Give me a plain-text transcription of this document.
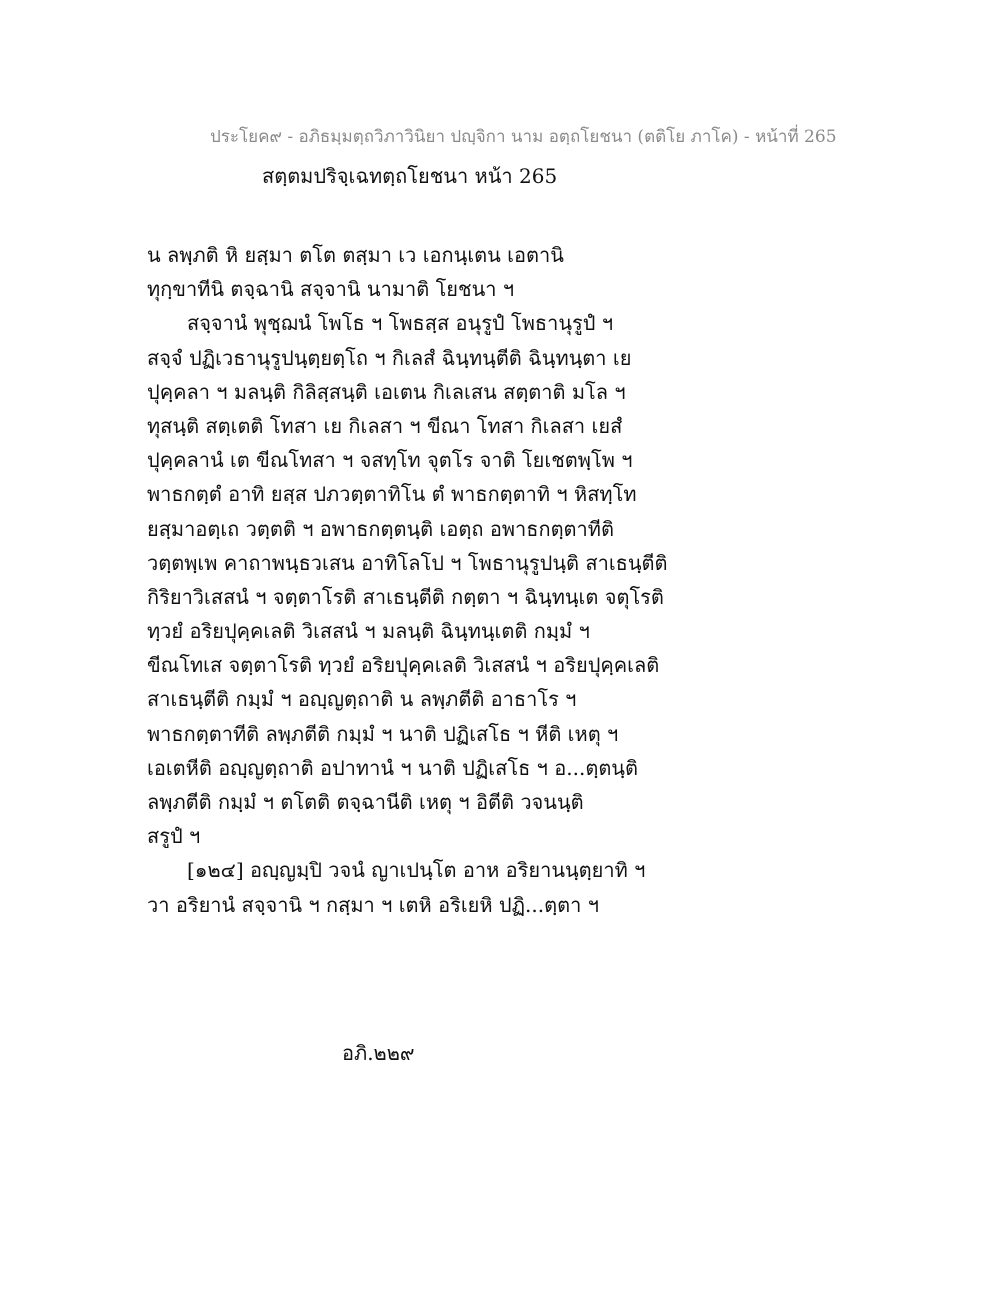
ประโยค๙ - อภิธมฺมตฺถวิภาวินิยา ปญฺจิกา นาม อตฺถโยชนา (ตติโย ภาโค) - หน้าที่ 265
สตฺตมปริจฺเฉทตฺถโยชนา หน้า 265
น ลพฺภติ หิ ยสฺมา ตโต ตสฺมา เว เอกนฺเตน เอตานิ
ทุกฺขาทีนิ ตจฺฉานิ สจฺจานิ นามาติ โยชนา ฯ
สจฺจานํ พุชฺฌนํ โพโธ ฯ โพธสฺส อนุรูปํ โพธานุรูปํ ฯ
สจฺจํ ปฏิเวธานุรูปนฺตฺยตฺโถ ฯ กิเลสํ ฉินฺทนฺตีติ ฉินฺทนฺตา เย
ปุคฺคลา ฯ มลนฺติ กิลิสฺสนฺติ เอเตน กิเลเสน สตฺตาติ มโล ฯ
ทุสนฺติ สตฺเตติ โทสา เย กิเลสา ฯ ขีณา โทสา กิเลสา เยสํ
ปุคฺคลานํ เต ขีณโทสา ฯ จสทฺโท จุตโร จาติ โยเชตพฺโพ ฯ
พาธกตฺตํ อาทิ ยสฺส ปภวตฺตาทิโน ตํ พาธกตฺตาทิ ฯ หิสทฺโท
ยสฺมาอตฺเถ วตฺตติ ฯ อพาธกตฺตนฺติ เอตฺถ อพาธกตฺตาทีติ
วตฺตพฺเพ คาถาพนฺธวเสน อาทิโลโป ฯ โพธานุรูปนฺติ สาเธนฺตีติ
กิริยาวิเสสนํ ฯ จตฺตาโรติ สาเธนฺตีติ กตฺตา ฯ ฉินฺทนฺเต จตุโรติ
ทฺวยํ อริยปุคฺคเลติ วิเสสนํ ฯ มลนฺติ ฉินฺทนฺเตติ กมฺมํ ฯ
ขีณโทเส จตฺตาโรติ ทฺวยํ อริยปุคฺคเลติ วิเสสนํ ฯ อริยปุคฺคเลติ
สาเธนฺตีติ กมฺมํ ฯ อญฺญตฺถาติ น ลพฺภตีติ อาธาโร ฯ
พาธกตฺตาทีติ ลพฺภตีติ กมฺมํ ฯ นาติ ปฏิเสโธ ฯ หีติ เหตุ ฯ
เอเตหีติ อญฺญตฺถาติ อปาทานํ ฯ นาติ ปฏิเสโธ ฯ อ...ตฺตนฺติ
ลพฺภตีติ กมฺมํ ฯ ตโตติ ตจฺฉานีติ เหตุ ฯ อิตีติ วจนนฺติ
สรูปํ ฯ
[๑๒๔] อญฺญมฺปิ วจนํ ญาเปนฺโต อาห อริยานนฺตฺยาทิ ฯ
วา อริยานํ สจฺจานิ ฯ กสฺมา ฯ เตหิ อริเยหิ ปฏิ...ตฺตา ฯ
อภิ.๒๒๙
